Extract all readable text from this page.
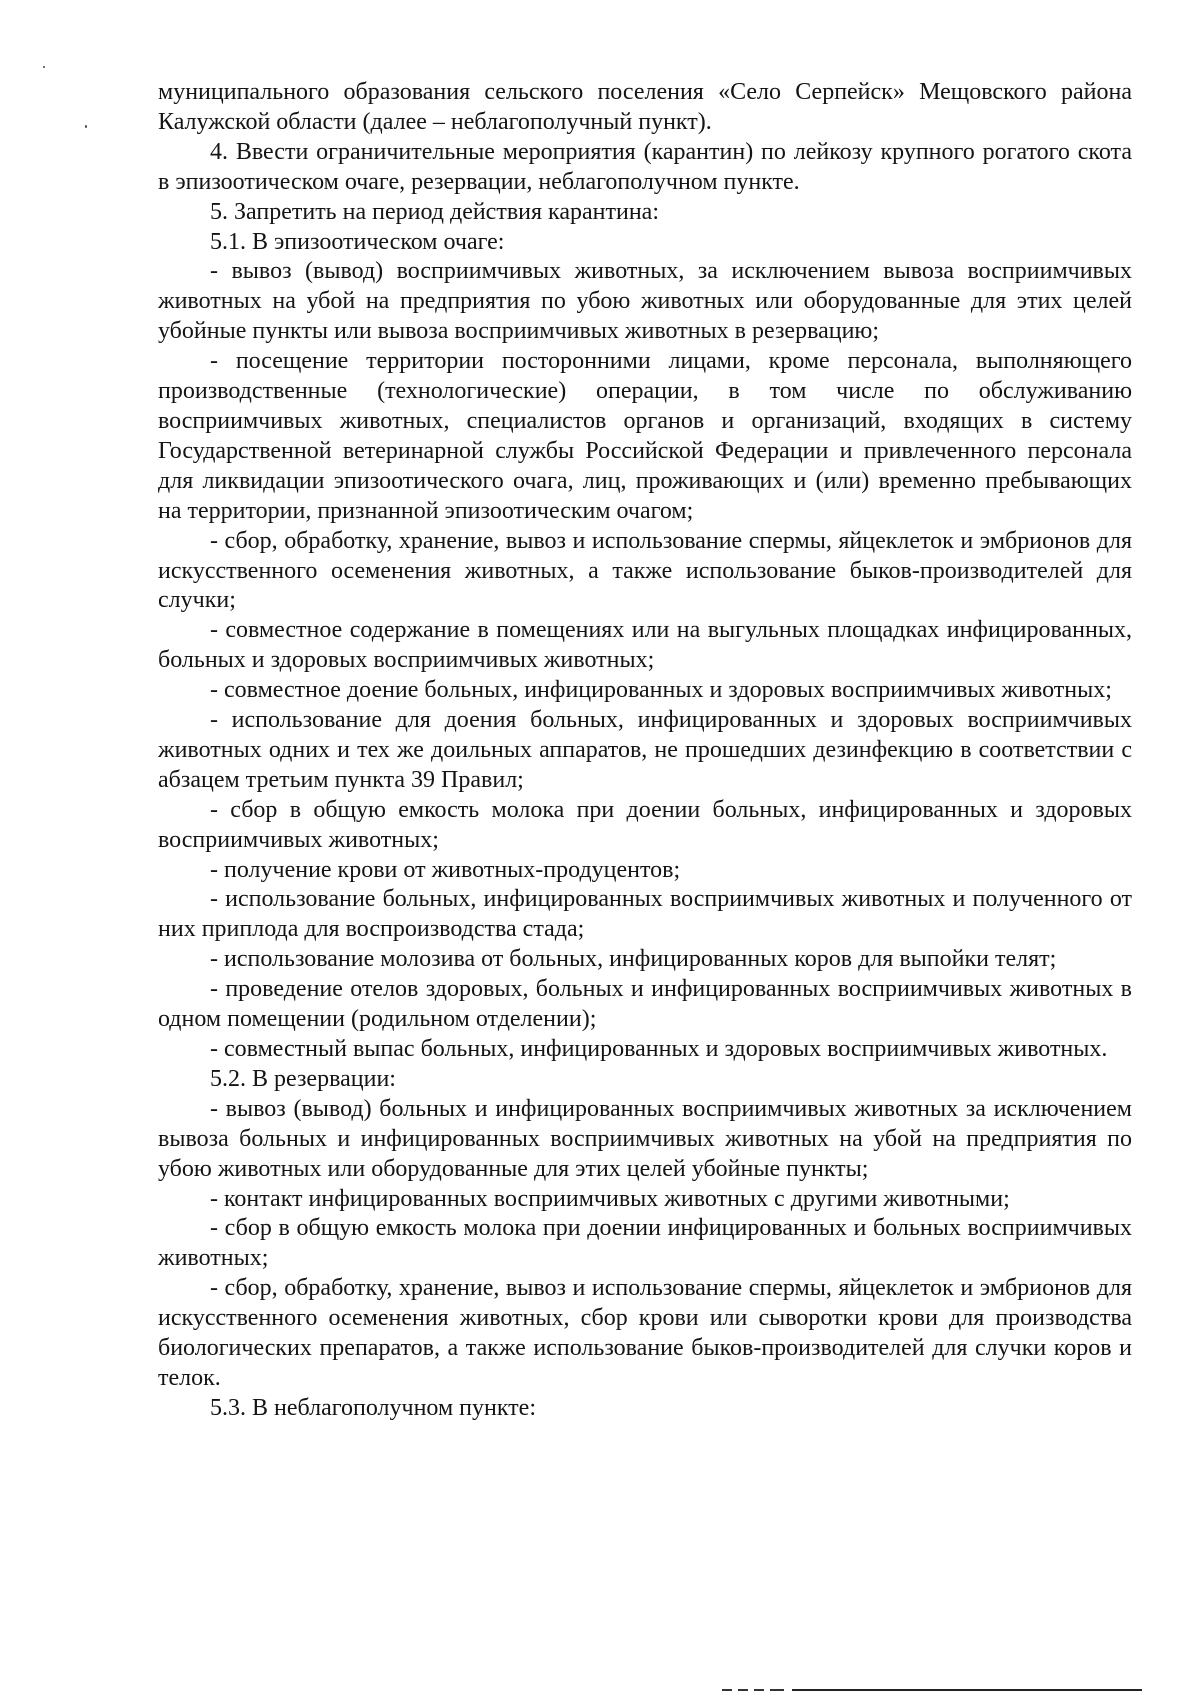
муниципального образования сельского поселения «Село Серпейск» Мещовского района Калужской области (далее – неблагополучный пункт).

4. Ввести ограничительные мероприятия (карантин) по лейкозу крупного рогатого скота в эпизоотическом очаге, резервации, неблагополучном пункте.

5. Запретить на период действия карантина:

5.1. В эпизоотическом очаге:

- вывоз (вывод) восприимчивых животных, за исключением вывоза восприимчивых животных на убой на предприятия по убою животных или оборудованные для этих целей убойные пункты или вывоза восприимчивых животных в резервацию;

- посещение территории посторонними лицами, кроме персонала, выполняющего производственные (технологические) операции, в том числе по обслуживанию восприимчивых животных, специалистов органов и организаций, входящих в систему Государственной ветеринарной службы Российской Федерации и привлеченного персонала для ликвидации эпизоотического очага, лиц, проживающих и (или) временно пребывающих на территории, признанной эпизоотическим очагом;

- сбор, обработку, хранение, вывоз и использование спермы, яйцеклеток и эмбрионов для искусственного осеменения животных, а также использование быков-производителей для случки;

- совместное содержание в помещениях или на выгульных площадках инфицированных, больных и здоровых восприимчивых животных;

- совместное доение больных, инфицированных и здоровых восприимчивых животных;

- использование для доения больных, инфицированных и здоровых восприимчивых животных одних и тех же доильных аппаратов, не прошедших дезинфекцию в соответствии с абзацем третьим пункта 39 Правил;

- сбор в общую емкость молока при доении больных, инфицированных и здоровых восприимчивых животных;

- получение крови от животных-продуцентов;

- использование больных, инфицированных восприимчивых животных и полученного от них приплода для воспроизводства стада;

- использование молозива от больных, инфицированных коров для выпойки телят;

- проведение отелов здоровых, больных и инфицированных восприимчивых животных в одном помещении (родильном отделении);

- совместный выпас больных, инфицированных и здоровых восприимчивых животных.

5.2. В резервации:

- вывоз (вывод) больных и инфицированных восприимчивых животных за исключением вывоза больных и инфицированных восприимчивых животных на убой на предприятия по убою животных или оборудованные для этих целей убойные пункты;

- контакт инфицированных восприимчивых животных с другими животными;

- сбор в общую емкость молока при доении инфицированных и больных восприимчивых животных;

- сбор, обработку, хранение, вывоз и использование спермы, яйцеклеток и эмбрионов для искусственного осеменения животных, сбор крови или сыворотки крови для производства биологических препаратов, а также использование быков-производителей для случки коров и телок.

5.3. В неблагополучном пункте:
